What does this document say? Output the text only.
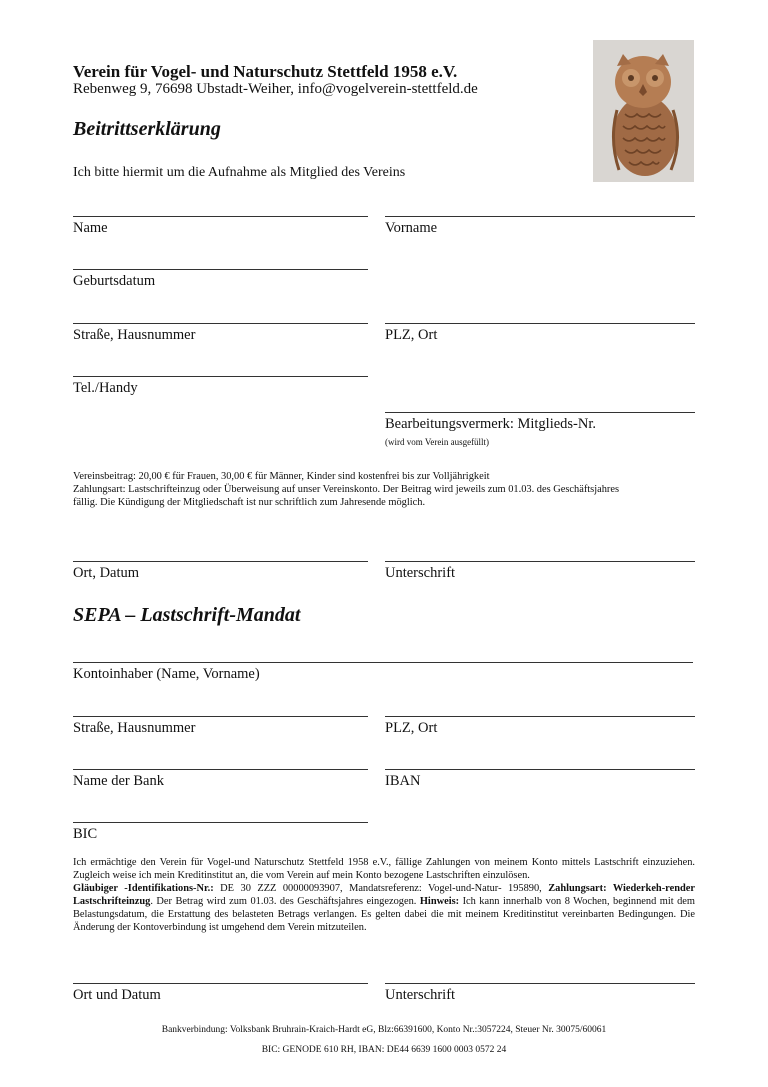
Verein für Vogel- und Naturschutz Stettfeld 1958 e.V.
Rebenweg 9, 76698 Ubstadt-Weiher, info@vogelverein-stettfeld.de
Beitrittserklärung
Ich bitte hiermit um die Aufnahme als Mitglied des Vereins
Name	Vorname
Geburtsdatum
Straße, Hausnummer	PLZ, Ort
Tel./Handy
Bearbeitungsvermerk: Mitglieds-Nr.
(wird vom Verein ausgefüllt)

Vereinsbeitrag: 20,00 € für Frauen, 30,00 € für Männer, Kinder sind kostenfrei bis zur Volljährigkeit

Zahlungsart: Lastschrifteinzug oder Überweisung auf unser Vereinskonto. Der Beitrag wird jeweils zum 01.03. des Geschäftsjahres

fällig. Die Kündigung der Mitgliedschaft ist nur schriftlich zum Jahresende möglich.

Ort, Datum	Unterschrift
SEPA – Lastschrift-Mandat
Kontoinhaber (Name, Vorname)
Straße, Hausnummer	PLZ, Ort
Name der Bank	IBAN
BIC

Ich ermächtige den Verein für Vogel-und Naturschutz Stettfeld 1958 e.V., fällige Zahlungen von meinem Konto mittels Lastschrift einzuziehen. Zugleich weise ich mein Kreditinstitut an, die vom Verein auf mein Konto bezogene Lastschriften einzulösen.

Gläubiger -Identifikations-Nr.: DE 30 ZZZ 00000093907, Mandatsreferenz: Vogel-und-Natur- 195890, Zahlungsart: Wiederkeh-render Lastschrifteinzug. Der Betrag wird zum 01.03. des Geschäftsjahres eingezogen. Hinweis: Ich kann innerhalb von 8 Wochen, beginnend mit dem Belastungsdatum, die Erstattung des belasteten Betrags verlangen. Es gelten dabei die mit meinem Kreditinstitut vereinbarten Bedingungen. Die Änderung der Kontoverbindung ist umgehend dem Verein mitzuteilen.

Ort und Datum	Unterschrift
Bankverbindung: Volksbank Bruhrain-Kraich-Hardt eG, Blz:66391600, Konto Nr.:3057224, Steuer Nr. 30075/60061
BIC: GENODE 610 RH, IBAN: DE44 6639 1600 0003 0572 24
